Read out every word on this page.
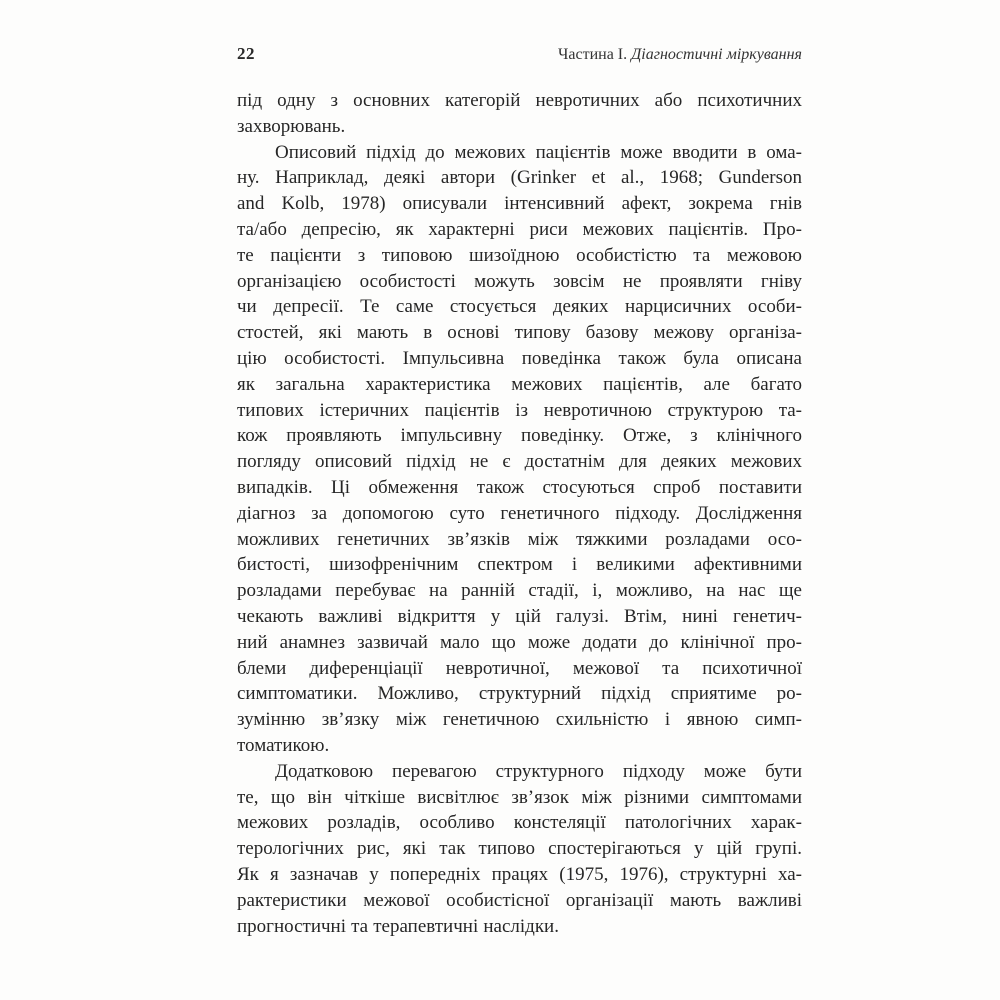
22	Частина I. Діагностичні міркування
під одну з основних категорій невротичних або психотичних
захворювань.
Описовий підхід до межових пацієнтів може вводити в ома-
ну. Наприклад, деякі автори (Grinker et al., 1968; Gunderson
and Kolb, 1978) описували інтенсивний афект, зокрема гнів
та/або депресію, як характерні риси межових пацієнтів. Про-
те пацієнти з типовою шизоїдною особистістю та межовою
організацією особистості можуть зовсім не проявляти гніву
чи депресії. Те саме стосується деяких нарцисичних особи-
стостей, які мають в основі типову базову межову організа-
цію особистості. Імпульсивна поведінка також була описана
як загальна характеристика межових пацієнтів, але багато
типових істеричних пацієнтів із невротичною структурою та-
кож проявляють імпульсивну поведінку. Отже, з клінічного
погляду описовий підхід не є достатнім для деяких межових
випадків. Ці обмеження також стосуються спроб поставити
діагноз за допомогою суто генетичного підходу. Дослідження
можливих генетичних зв’язків між тяжкими розладами осо-
бистості, шизофренічним спектром і великими афективними
розладами перебуває на ранній стадії, і, можливо, на нас ще
чекають важливі відкриття у цій галузі. Втім, нині генетич-
ний анамнез зазвичай мало що може додати до клінічної про-
блеми диференціації невротичної, межової та психотичної
симптоматики. Можливо, структурний підхід сприятиме ро-
зумінню зв’язку між генетичною схильністю і явною симп-
томатикою.
Додатковою перевагою структурного підходу може бути
те, що він чіткіше висвітлює зв’язок між різними симптомами
межових розладів, особливо констеляції патологічних харак-
терологічних рис, які так типово спостерігаються у цій групі.
Як я зазначав у попередніх працях (1975, 1976), структурні ха-
рактеристики межової особистісної організації мають важливі
прогностичні та терапевтичні наслідки.
